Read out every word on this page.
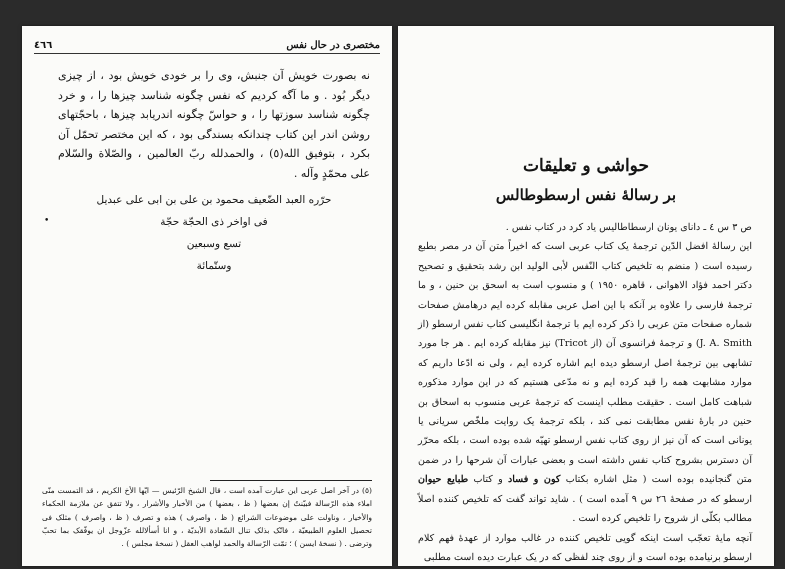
٤٦٦	مختصری در حال نفس

نه بصورت خویش آن جنبش، وی را بر خودی خویش بود ، از چیزی دیگر بُود . و ما آگه کردیم که نفس چگونه شناسد چیزها را ، و خرد چگونه شناسد سوزتها را ، و حواسّ چگونه اندریابد چیزها ، باحجّتهای روشن اندر این کتاب چندانکه بسندگی بود ، که این مختصر تحمّل آن بکرد ، بتوفیق الله(٥) ، والحمدلله ربّ العالمین ، والصّلاة والسّلام علی محمّدٍ وآله .

حرّره العبد الضّعیف محمود بن علی بن ابی علی عبدیل
فی اواخر ذی الحجّة حجّة
تسع وسبعین
وستّمائة
•
(٥) در آخر اصل عربی این عبارت آمده است ، قال الشیخ الرّئیس — ایّها الأخ الکریم ، قد التمست منّی املاء هذه الرّسالة فبیّنتُ إن بعضها ( ظ ، بعضها ) من الأخبار والأشرار ، ولا تتفق عن ملازمة الحکماء والأخیار ، وناولت علی موضوعات الشرائع ( ظ ، واصرف ) هذه و تصرف ( ظ ، واصرف ) مثلک فی تحصیل العلوم الطبیعیّة ، فانّک بذلک تنال السّعادة الأبدیّة ، و انا أسألالله عزّوجل ان یوفّقک بما تحبّ وترضی . ( نسخهٔ ایسن ) ؛ تمّت الرّسالة والحمد لواهب العقل ( نسخهٔ مجلس ) .
حواشی و تعلیقات
بر رسالهٔ نفس ارسطوطالس

ص ٣ س ٤ ـ دانای یونان ارسطاطالیس یاد کرد در کتاب نفس .

این رسالهٔ افضل الدّین ترجمهٔ یک کتاب عربی است که اخیراً متن آن در مصر بطبع رسیده است ( منضم به تلخیص کتاب النّفس لأبی الولید ابن رشد بتحقیق و تصحیح دکتر احمد فؤاد الاهوانی ، قاهره ١٩٥٠ ) و منسوب است به اسحق بن حنین ، و ما ترجمهٔ فارسی را علاوه بر آنکه با این اصل عربی مقابله کرده ایم درهامش صفحات شماره صفحات متن عربی را ذکر کرده ایم با ترجمهٔ انگلیسی کتاب نفس ارسطو (از J. A. Smith) و ترجمهٔ فرانسوی آن (از Tricot) نیز مقابله کرده ایم . هر جا مورد تشابهی بین ترجمهٔ اصل ارسطو دیده ایم اشاره کرده ایم ، ولی نه ادّعا داریم که موارد مشابهت همه را قید کرده ایم و نه مدّعی هستیم که در این موارد مذکوره شباهت کامل است . حقیقت مطلب اینست که ترجمهٔ عربی منسوب به اسحاق بن حنین در بارهٔ نفس مطابقت نمی کند ، بلکه ترجمهٔ یک روایت ملخّص سریانی یا یونانی است که آن نیز از روی کتاب نفس ارسطو تهیّه شده بوده است ، بلکه محرّر آن دسترس بشروح کتاب نفس داشته است و بعضی عبارات آن شرحها را در ضمن متن گنجانیده بوده است ( مثل اشاره بکتاب کون و فساد و کتاب طبایع حیوان ارسطو که در صفحهٔ ٢٦ س ٩ آمده است ) . شاید تواند گفت که تلخیص کننده اصلاً مطالب بکلّی از شروح را تلخیص کرده است .

آنچه مایهٔ تعجّب است اینکه گویی تلخیص کننده در غالب موارد از عهدهٔ فهم کلام ارسطو برنیامده بوده است و از روی چند لفظی که در یک عبارت دیده است مطلبی
